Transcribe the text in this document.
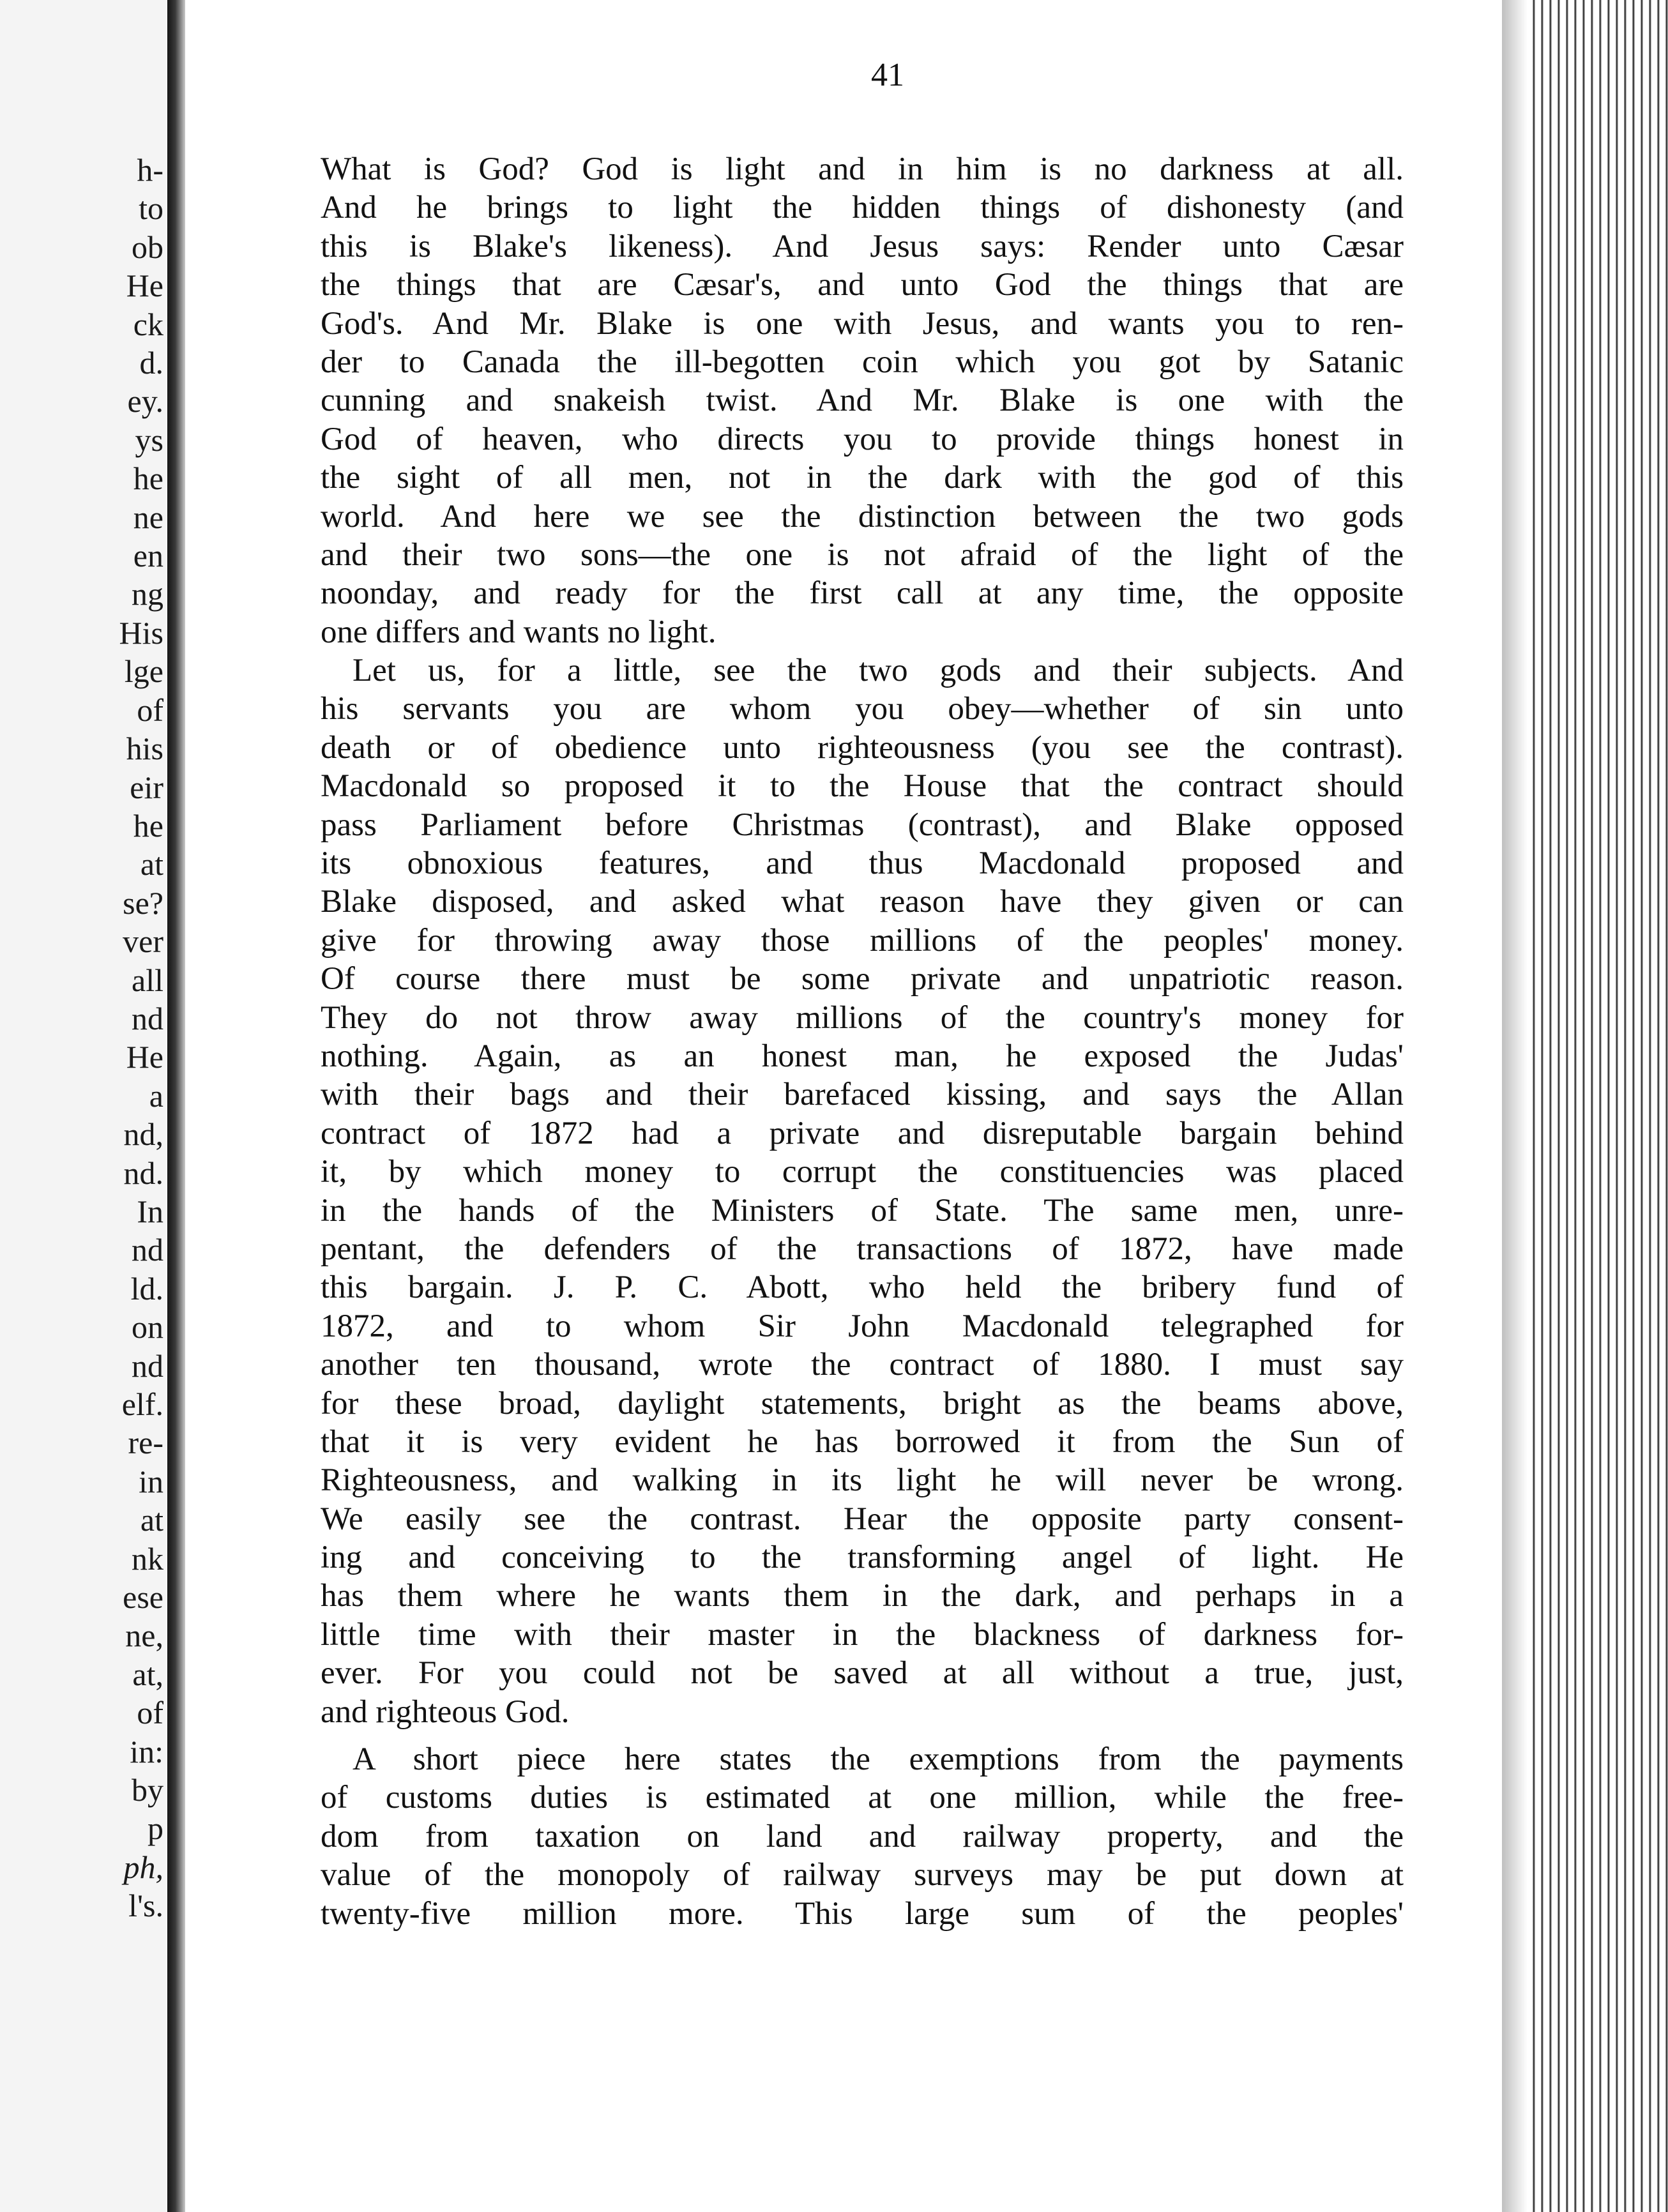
h-
to
ob
He
ck
d.
ey.
ys
he
ne
en
ng
His
lge
of
his
eir
he
at
se?
ver
all
nd
He
a
nd,
nd.
In
nd
ld.
on
nd
elf.
re-
in
at
nk
ese
ne,
at,
of
in:
by
p
ph,
l's.
41
What is God? God is light and in him is no darkness at all.
And he brings to light the hidden things of dishonesty (and
this is Blake's likeness). And Jesus says: Render unto Cæsar
the things that are Cæsar's, and unto God the things that are
God's. And Mr. Blake is one with Jesus, and wants you to ren-
der to Canada the ill-begotten coin which you got by Satanic
cunning and snakeish twist. And Mr. Blake is one with the
God of heaven, who directs you to provide things honest in
the sight of all men, not in the dark with the god of this
world. And here we see the distinction between the two gods
and their two sons—the one is not afraid of the light of the
noonday, and ready for the first call at any time, the opposite
one differs and wants no light.
Let us, for a little, see the two gods and their subjects. And
his servants you are whom you obey—whether of sin unto
death or of obedience unto righteousness (you see the contrast).
Macdonald so proposed it to the House that the contract should
pass Parliament before Christmas (contrast), and Blake opposed
its obnoxious features, and thus Macdonald proposed and
Blake disposed, and asked what reason have they given or can
give for throwing away those millions of the peoples' money.
Of course there must be some private and unpatriotic reason.
They do not throw away millions of the country's money for
nothing. Again, as an honest man, he exposed the Judas'
with their bags and their barefaced kissing, and says the Allan
contract of 1872 had a private and disreputable bargain behind
it, by which money to corrupt the constituencies was placed
in the hands of the Ministers of State. The same men, unre-
pentant, the defenders of the transactions of 1872, have made
this bargain. J. P. C. Abott, who held the bribery fund of
1872, and to whom Sir John Macdonald telegraphed for
another ten thousand, wrote the contract of 1880. I must say
for these broad, daylight statements, bright as the beams above,
that it is very evident he has borrowed it from the Sun of
Righteousness, and walking in its light he will never be wrong.
We easily see the contrast. Hear the opposite party consent-
ing and conceiving to the transforming angel of light. He
has them where he wants them in the dark, and perhaps in a
little time with their master in the blackness of darkness for-
ever. For you could not be saved at all without a true, just,
and righteous God.
A short piece here states the exemptions from the payments
of customs duties is estimated at one million, while the free-
dom from taxation on land and railway property, and the
value of the monopoly of railway surveys may be put down at
twenty-five million more. This large sum of the peoples'
